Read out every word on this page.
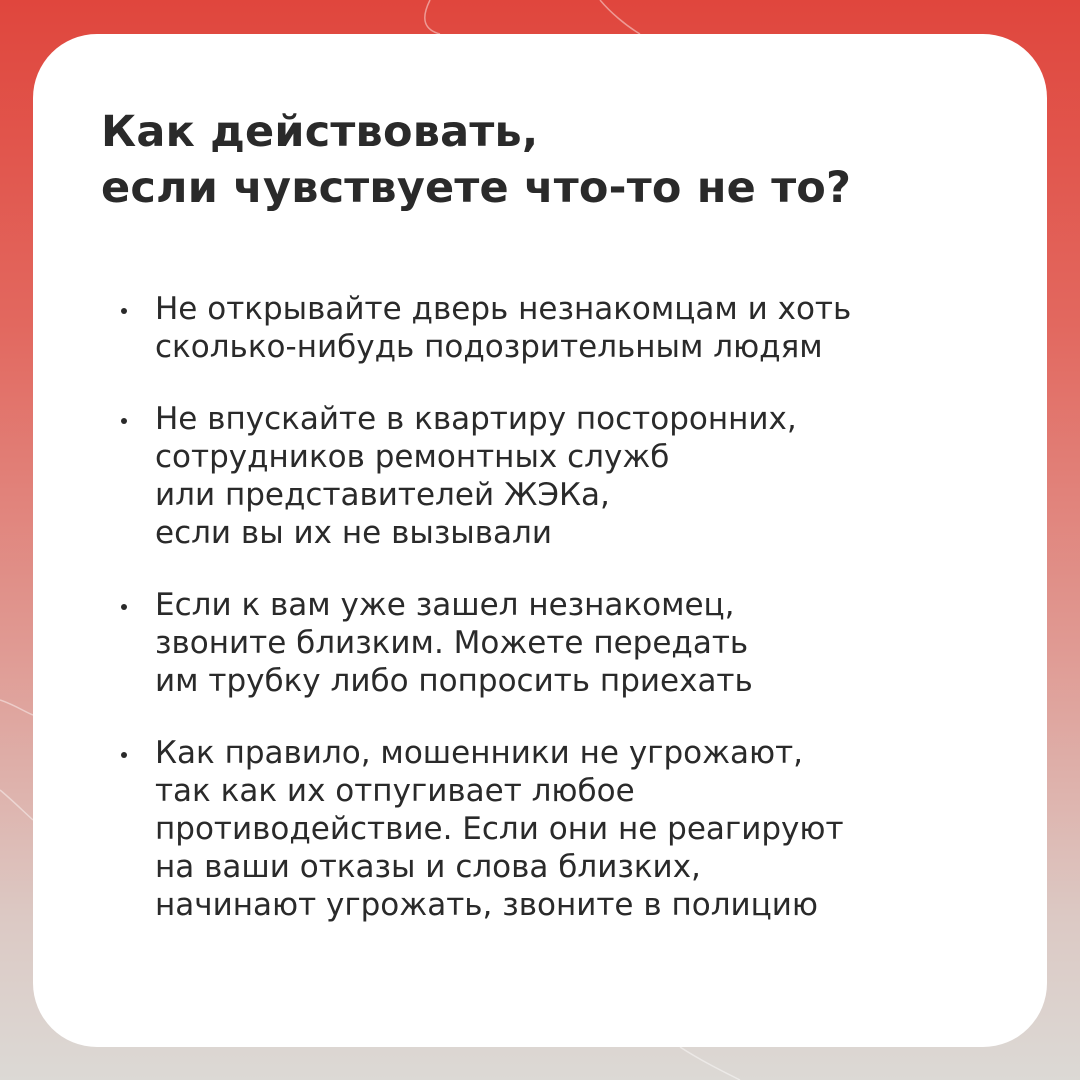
Как действовать,
если чувствуете что-то не то?
Не открывайте дверь незнакомцам и хоть
сколько-нибудь подозрительным людям
Не впускайте в квартиру посторонних,
сотрудников ремонтных служб
или представителей ЖЭКа,
если вы их не вызывали
Если к вам уже зашел незнакомец,
звоните близким. Можете передать
им трубку либо попросить приехать
Как правило, мошенники не угрожают,
так как их отпугивает любое
противодействие. Если они не реагируют
на ваши отказы и слова близких,
начинают угрожать, звоните в полицию
